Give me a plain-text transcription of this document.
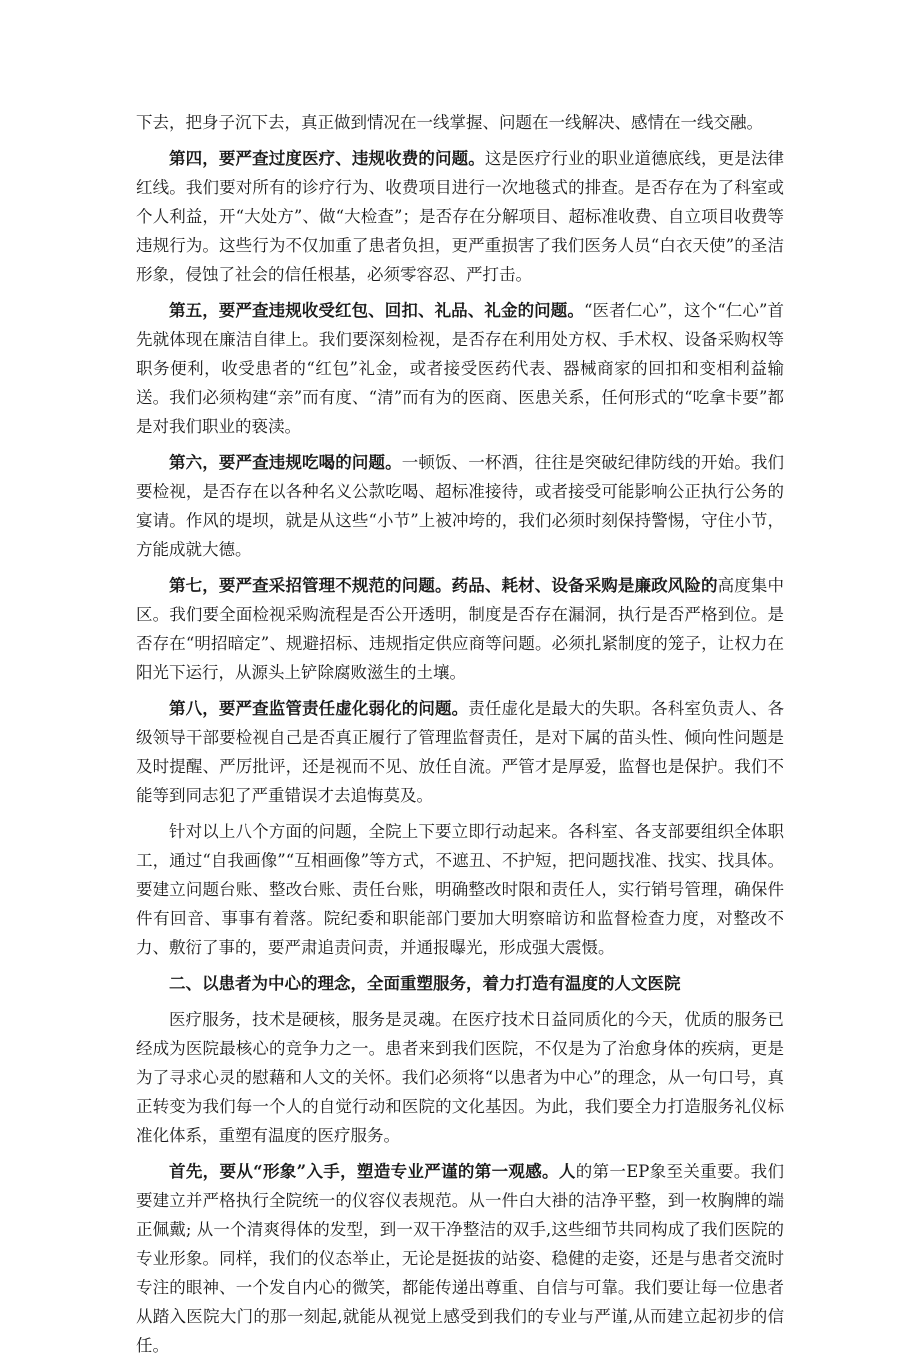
下去，把身子沉下去，真正做到情况在一线掌握、问题在一线解决、感情在一线交融。

第四，要严查过度医疗、违规收费的问题。这是医疗行业的职业道德底线，更是法律红线。我们要对所有的诊疗行为、收费项目进行一次地毯式的排查。是否存在为了科室或个人利益，开“大处方”、做“大检查”；是否存在分解项目、超标准收费、自立项目收费等违规行为。这些行为不仅加重了患者负担，更严重损害了我们医务人员“白衣天使”的圣洁形象，侵蚀了社会的信任根基，必须零容忍、严打击。

第五，要严查违规收受红包、回扣、礼品、礼金的问题。“医者仁心”，这个“仁心”首先就体现在廉洁自律上。我们要深刻检视，是否存在利用处方权、手术权、设备采购权等职务便利，收受患者的“红包”礼金，或者接受医药代表、器械商家的回扣和变相利益输送。我们必须构建“亲”而有度、“清”而有为的医商、医患关系，任何形式的“吃拿卡要”都是对我们职业的亵渎。

第六，要严查违规吃喝的问题。一顿饭、一杯酒，往往是突破纪律防线的开始。我们要检视，是否存在以各种名义公款吃喝、超标准接待，或者接受可能影响公正执行公务的宴请。作风的堤坝，就是从这些“小节”上被冲垮的，我们必须时刻保持警惕，守住小节，方能成就大德。

第七，要严查采招管理不规范的问题。药品、耗材、设备采购是廉政风险的高度集中区。我们要全面检视采购流程是否公开透明，制度是否存在漏洞，执行是否严格到位。是否存在“明招暗定”、规避招标、违规指定供应商等问题。必须扎紧制度的笼子，让权力在阳光下运行，从源头上铲除腐败滋生的土壤。

第八，要严查监管责任虚化弱化的问题。责任虚化是最大的失职。各科室负责人、各级领导干部要检视自己是否真正履行了管理监督责任，是对下属的苗头性、倾向性问题是及时提醒、严厉批评，还是视而不见、放任自流。严管才是厚爱，监督也是保护。我们不能等到同志犯了严重错误才去追悔莫及。

针对以上八个方面的问题，全院上下要立即行动起来。各科室、各支部要组织全体职工，通过“自我画像”“互相画像”等方式，不遮丑、不护短，把问题找准、找实、找具体。要建立问题台账、整改台账、责任台账，明确整改时限和责任人，实行销号管理，确保件件有回音、事事有着落。院纪委和职能部门要加大明察暗访和监督检查力度，对整改不力、敷衍了事的，要严肃追责问责，并通报曝光，形成强大震慑。

二、以患者为中心的理念，全面重塑服务，着力打造有温度的人文医院

医疗服务，技术是硬核，服务是灵魂。在医疗技术日益同质化的今天，优质的服务已经成为医院最核心的竞争力之一。患者来到我们医院，不仅是为了治愈身体的疾病，更是为了寻求心灵的慰藉和人文的关怀。我们必须将“以患者为中心”的理念，从一句口号，真正转变为我们每一个人的自觉行动和医院的文化基因。为此，我们要全力打造服务礼仪标准化体系，重塑有温度的医疗服务。

首先，要从“形象”入手，塑造专业严谨的第一观感。人的第一EP象至关重要。我们要建立并严格执行全院统一的仪容仪表规范。从一件白大褂的洁净平整，到一枚胸牌的端正佩戴; 从一个清爽得体的发型，到一双干净整洁的双手,这些细节共同构成了我们医院的专业形象。同样，我们的仪态举止，无论是挺拔的站姿、稳健的走姿，还是与患者交流时专注的眼神、一个发自内心的微笑，都能传递出尊重、自信与可靠。我们要让每一位患者从踏入医院大门的那一刻起,就能从视觉上感受到我们的专业与严谨,从而建立起初步的信任。
